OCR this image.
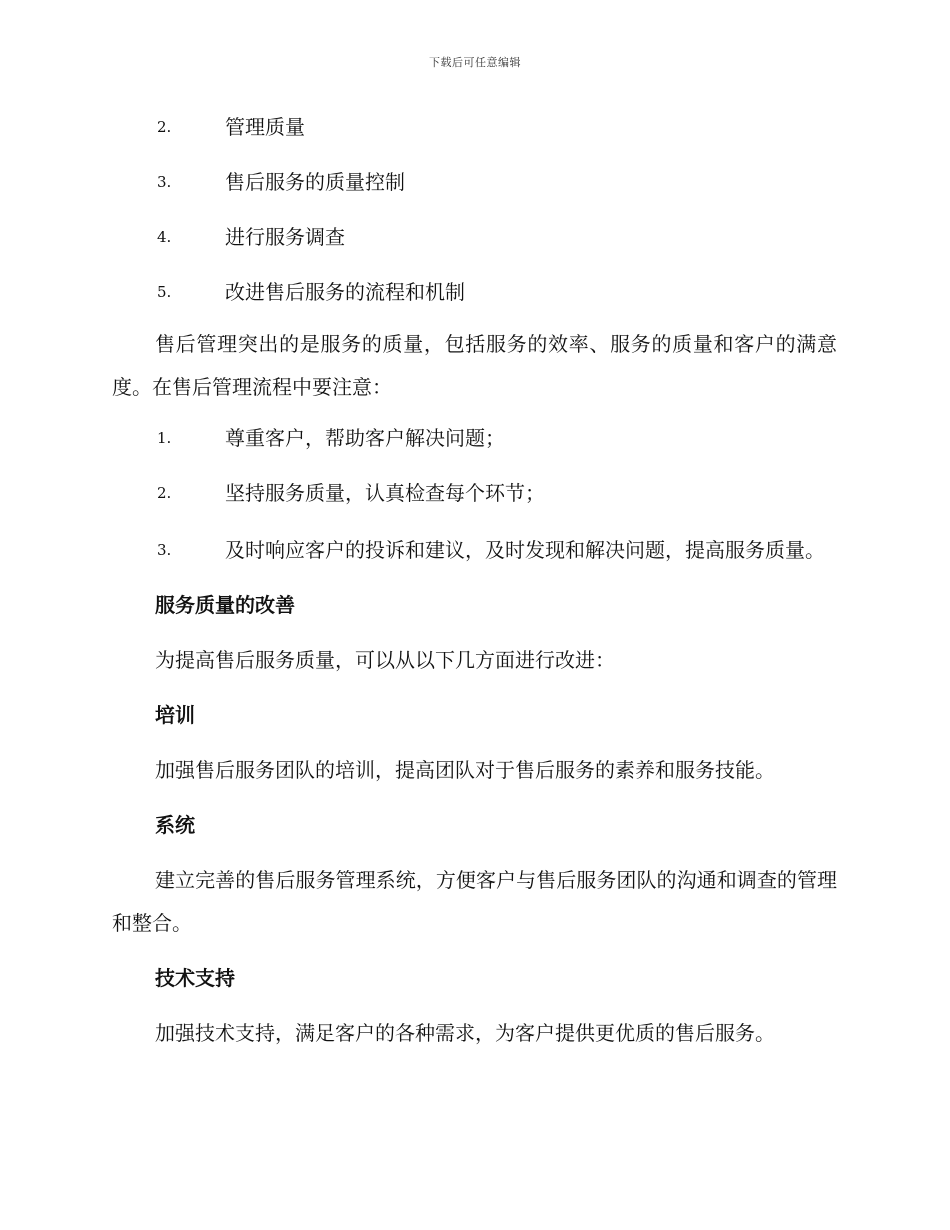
下载后可任意编辑
2.	管理质量
3.	售后服务的质量控制
4.	进行服务调查
5.	改进售后服务的流程和机制

售后管理突出的是服务的质量，包括服务的效率、服务的质量和客户的满意度。在售后管理流程中要注意：

1.	尊重客户，帮助客户解决问题；
2.	坚持服务质量，认真检查每个环节；
3.	及时响应客户的投诉和建议，及时发现和解决问题，提高服务质量。
服务质量的改善

为提高售后服务质量，可以从以下几方面进行改进：

培训

加强售后服务团队的培训，提高团队对于售后服务的素养和服务技能。

系统

建立完善的售后服务管理系统，方便客户与售后服务团队的沟通和调查的管理和整合。

技术支持

加强技术支持，满足客户的各种需求，为客户提供更优质的售后服务。
